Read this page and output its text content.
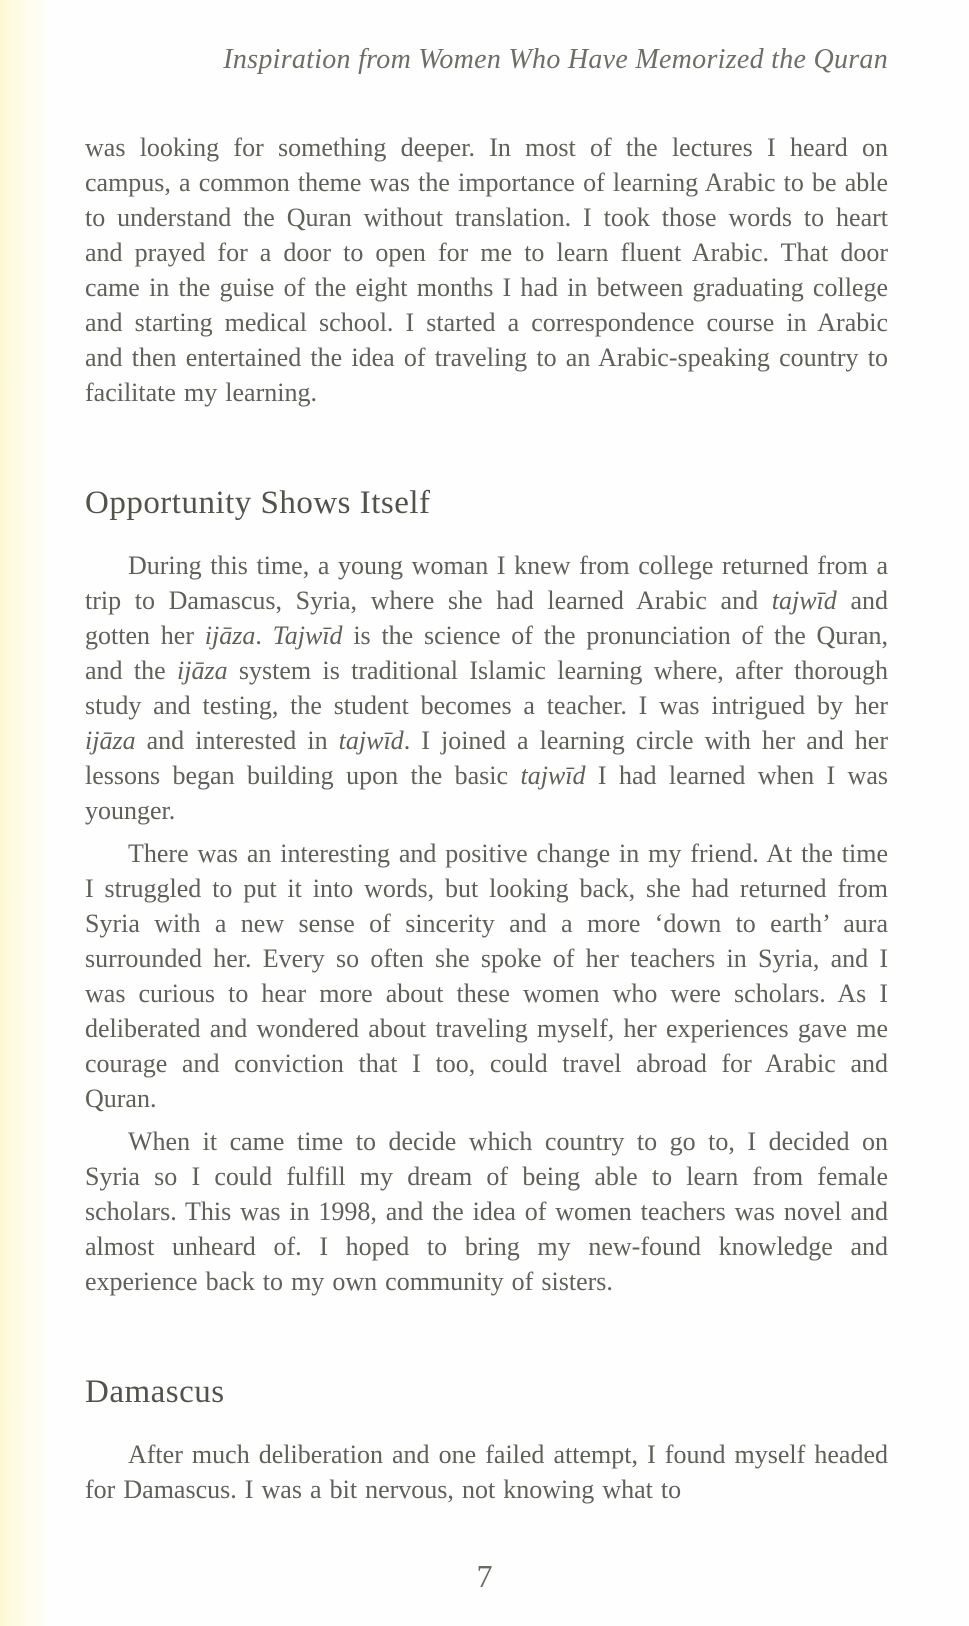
Inspiration from Women Who Have Memorized the Quran

was looking for something deeper. In most of the lectures I heard on campus, a common theme was the importance of learning Arabic to be able to understand the Quran without translation. I took those words to heart and prayed for a door to open for me to learn fluent Arabic. That door came in the guise of the eight months I had in between graduating college and starting medical school. I started a correspondence course in Arabic and then entertained the idea of traveling to an Arabic-speaking country to facilitate my learning.

Opportunity Shows Itself

During this time, a young woman I knew from college returned from a trip to Damascus, Syria, where she had learned Arabic and tajwīd and gotten her ijāza. Tajwīd is the science of the pronunciation of the Quran, and the ijāza system is traditional Islamic learning where, after thorough study and testing, the student becomes a teacher. I was intrigued by her ijāza and interested in tajwīd. I joined a learning circle with her and her lessons began building upon the basic tajwīd I had learned when I was younger.

There was an interesting and positive change in my friend. At the time I struggled to put it into words, but looking back, she had returned from Syria with a new sense of sincerity and a more ‘down to earth’ aura surrounded her. Every so often she spoke of her teachers in Syria, and I was curious to hear more about these women who were scholars. As I deliberated and wondered about traveling myself, her experiences gave me courage and conviction that I too, could travel abroad for Arabic and Quran.

When it came time to decide which country to go to, I decided on Syria so I could fulfill my dream of being able to learn from female scholars. This was in 1998, and the idea of women teachers was novel and almost unheard of. I hoped to bring my new-found knowledge and experience back to my own community of sisters.

Damascus

After much deliberation and one failed attempt, I found myself headed for Damascus. I was a bit nervous, not knowing what to

7
